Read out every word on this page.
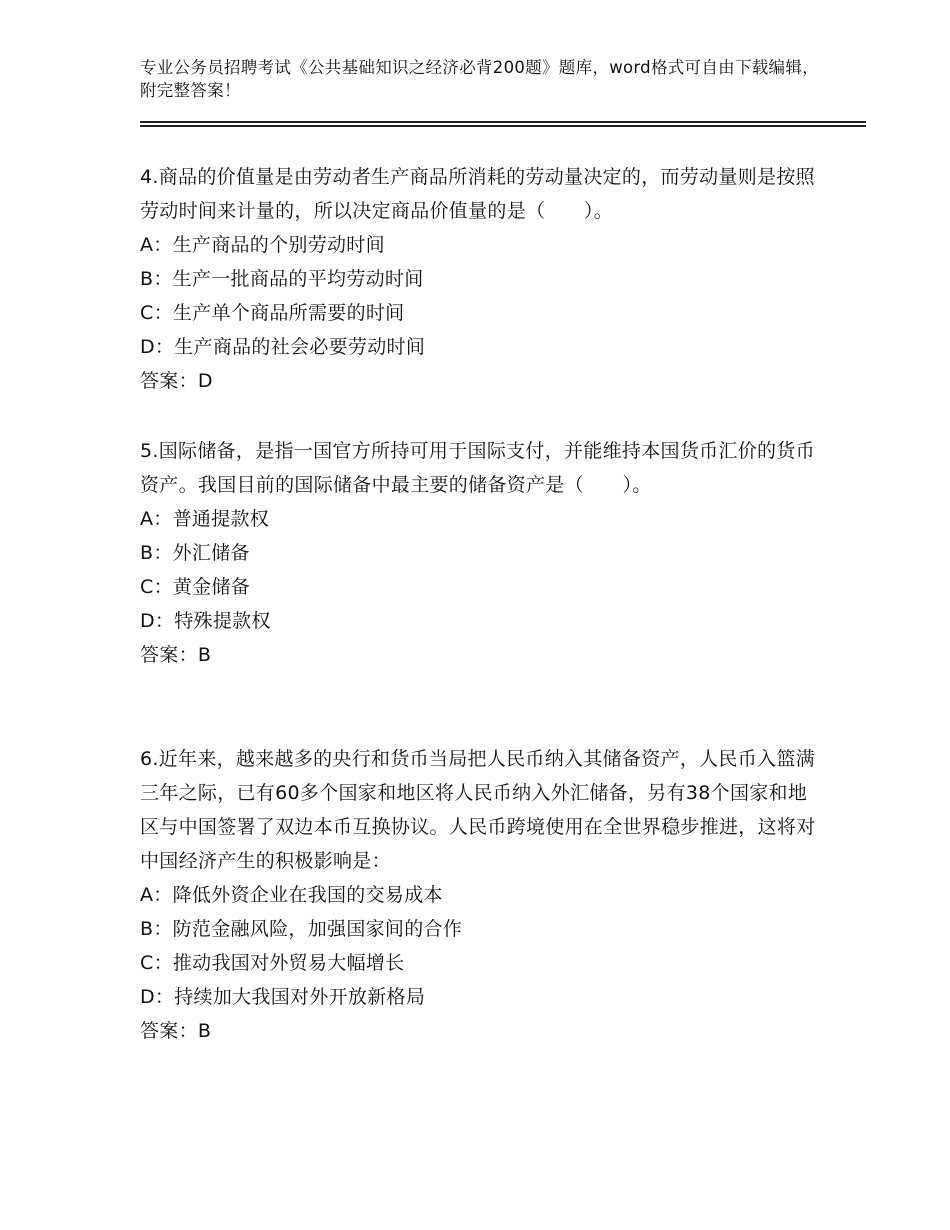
专业公务员招聘考试《公共基础知识之经济必背200题》题库，word格式可自由下载编辑，附完整答案！
4.商品的价值量是由劳动者生产商品所消耗的劳动量决定的，而劳动量则是按照劳动时间来计量的，所以决定商品价值量的是（　　）。
A：生产商品的个别劳动时间
B：生产一批商品的平均劳动时间
C：生产单个商品所需要的时间
D：生产商品的社会必要劳动时间
答案：D
5.国际储备，是指一国官方所持可用于国际支付，并能维持本国货币汇价的货币资产。我国目前的国际储备中最主要的储备资产是（　　）。
A：普通提款权
B：外汇储备
C：黄金储备
D：特殊提款权
答案：B
6.近年来，越来越多的央行和货币当局把人民币纳入其储备资产，人民币入篮满三年之际，已有60多个国家和地区将人民币纳入外汇储备，另有38个国家和地区与中国签署了双边本币互换协议。人民币跨境使用在全世界稳步推进，这将对中国经济产生的积极影响是：
A：降低外资企业在我国的交易成本
B：防范金融风险，加强国家间的合作
C：推动我国对外贸易大幅增长
D：持续加大我国对外开放新格局
答案：B
